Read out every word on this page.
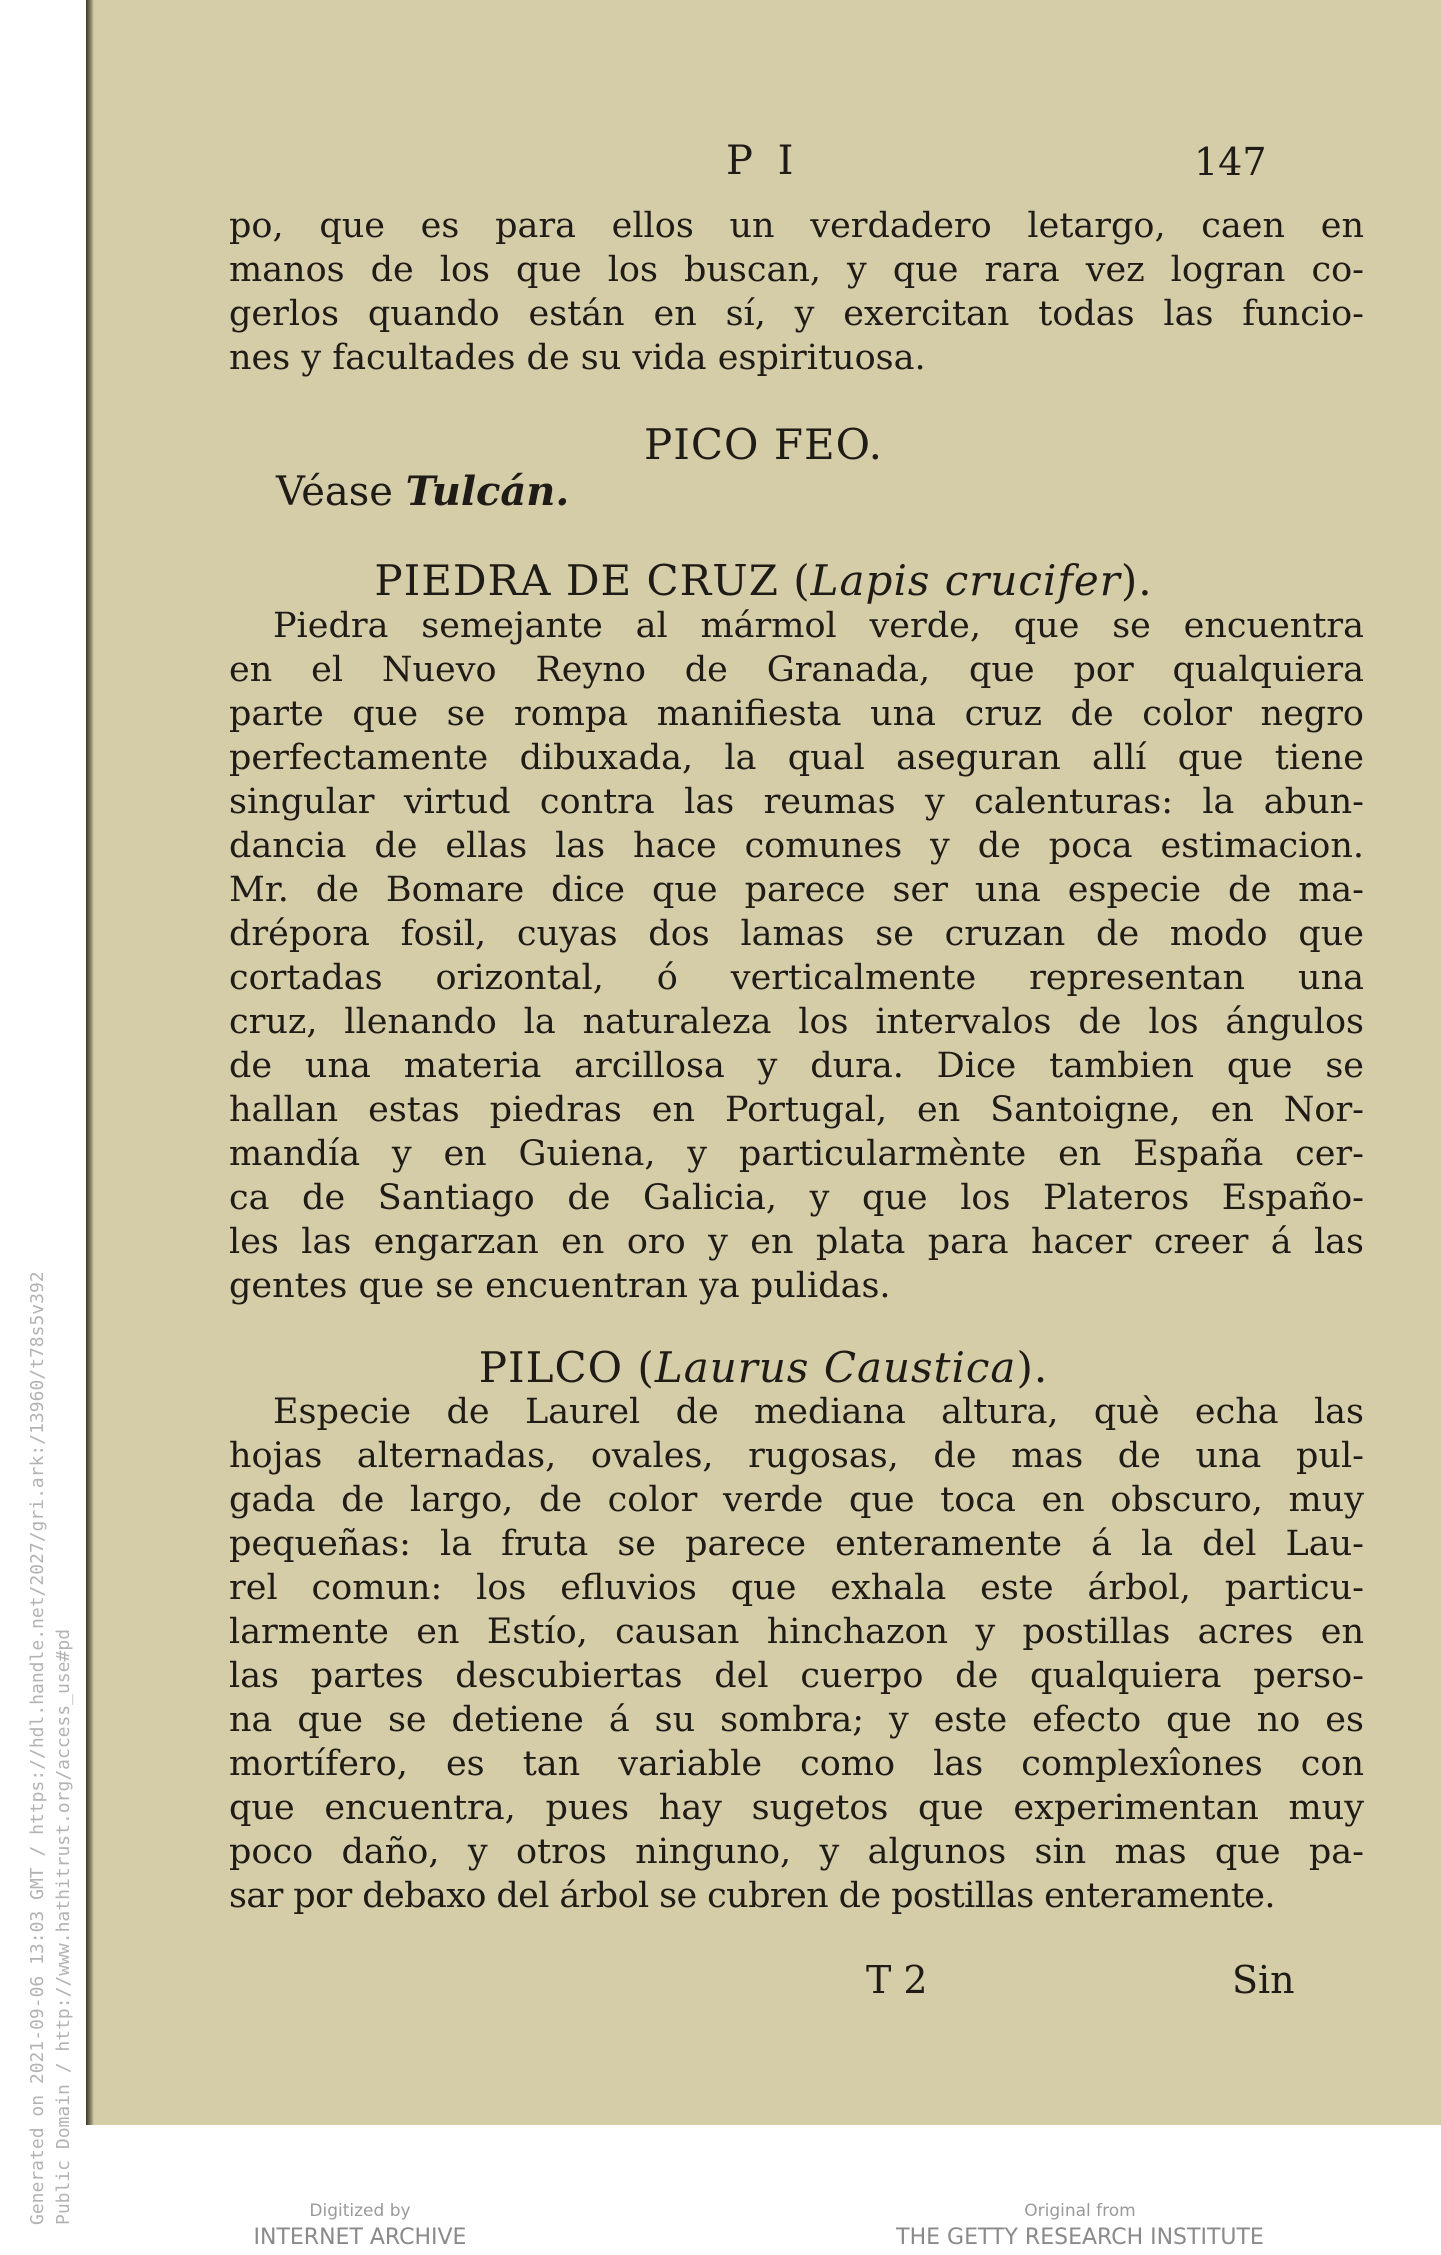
Generated on 2021-09-06 13:03 GMT / https://hdl.handle.net/2027/gri.ark:/13960/t78s5v392 Public Domain / http://www.hathitrust.org/access_use#pd
P I	147
po, que es para ellos un verdadero letargo, caen en
manos de los que los buscan, y que rara vez logran co-
gerlos quando están en sí, y exercitan todas las funcio-
nes y facultades de su vida espirituosa.
PICO FEO.
Véase Tulcán.
PIEDRA DE CRUZ (Lapis crucifer).
Piedra semejante al mármol verde, que se encuentra
en el Nuevo Reyno de Granada, que por qualquiera
parte que se rompa manifiesta una cruz de color negro
perfectamente dibuxada, la qual aseguran allí que tiene
singular virtud contra las reumas y calenturas: la abun-
dancia de ellas las hace comunes y de poca estimacion.
Mr. de Bomare dice que parece ser una especie de ma-
drépora fosil, cuyas dos lamas se cruzan de modo que
cortadas orizontal, ó verticalmente representan una
cruz, llenando la naturaleza los intervalos de los ángulos
de una materia arcillosa y dura. Dice tambien que se
hallan estas piedras en Portugal, en Santoigne, en Nor-
mandía y en Guiena, y particularmènte en España cer-
ca de Santiago de Galicia, y que los Plateros Españo-
les las engarzan en oro y en plata para hacer creer á las
gentes que se encuentran ya pulidas.
PILCO (Laurus Caustica).
Especie de Laurel de mediana altura, què echa las
hojas alternadas, ovales, rugosas, de mas de una pul-
gada de largo, de color verde que toca en obscuro, muy
pequeñas: la fruta se parece enteramente á la del Lau-
rel comun: los efluvios que exhala este árbol, particu-
larmente en Estío, causan hinchazon y postillas acres en
las partes descubiertas del cuerpo de qualquiera perso-
na que se detiene á su sombra; y este efecto que no es
mortífero, es tan variable como las complexîones con
que encuentra, pues hay sugetos que experimentan muy
poco daño, y otros ninguno, y algunos sin mas que pa-
sar por debaxo del árbol se cubren de postillas enteramente.
T 2	Sin
Digitized by
INTERNET ARCHIVE
Original from
THE GETTY RESEARCH INSTITUTE
